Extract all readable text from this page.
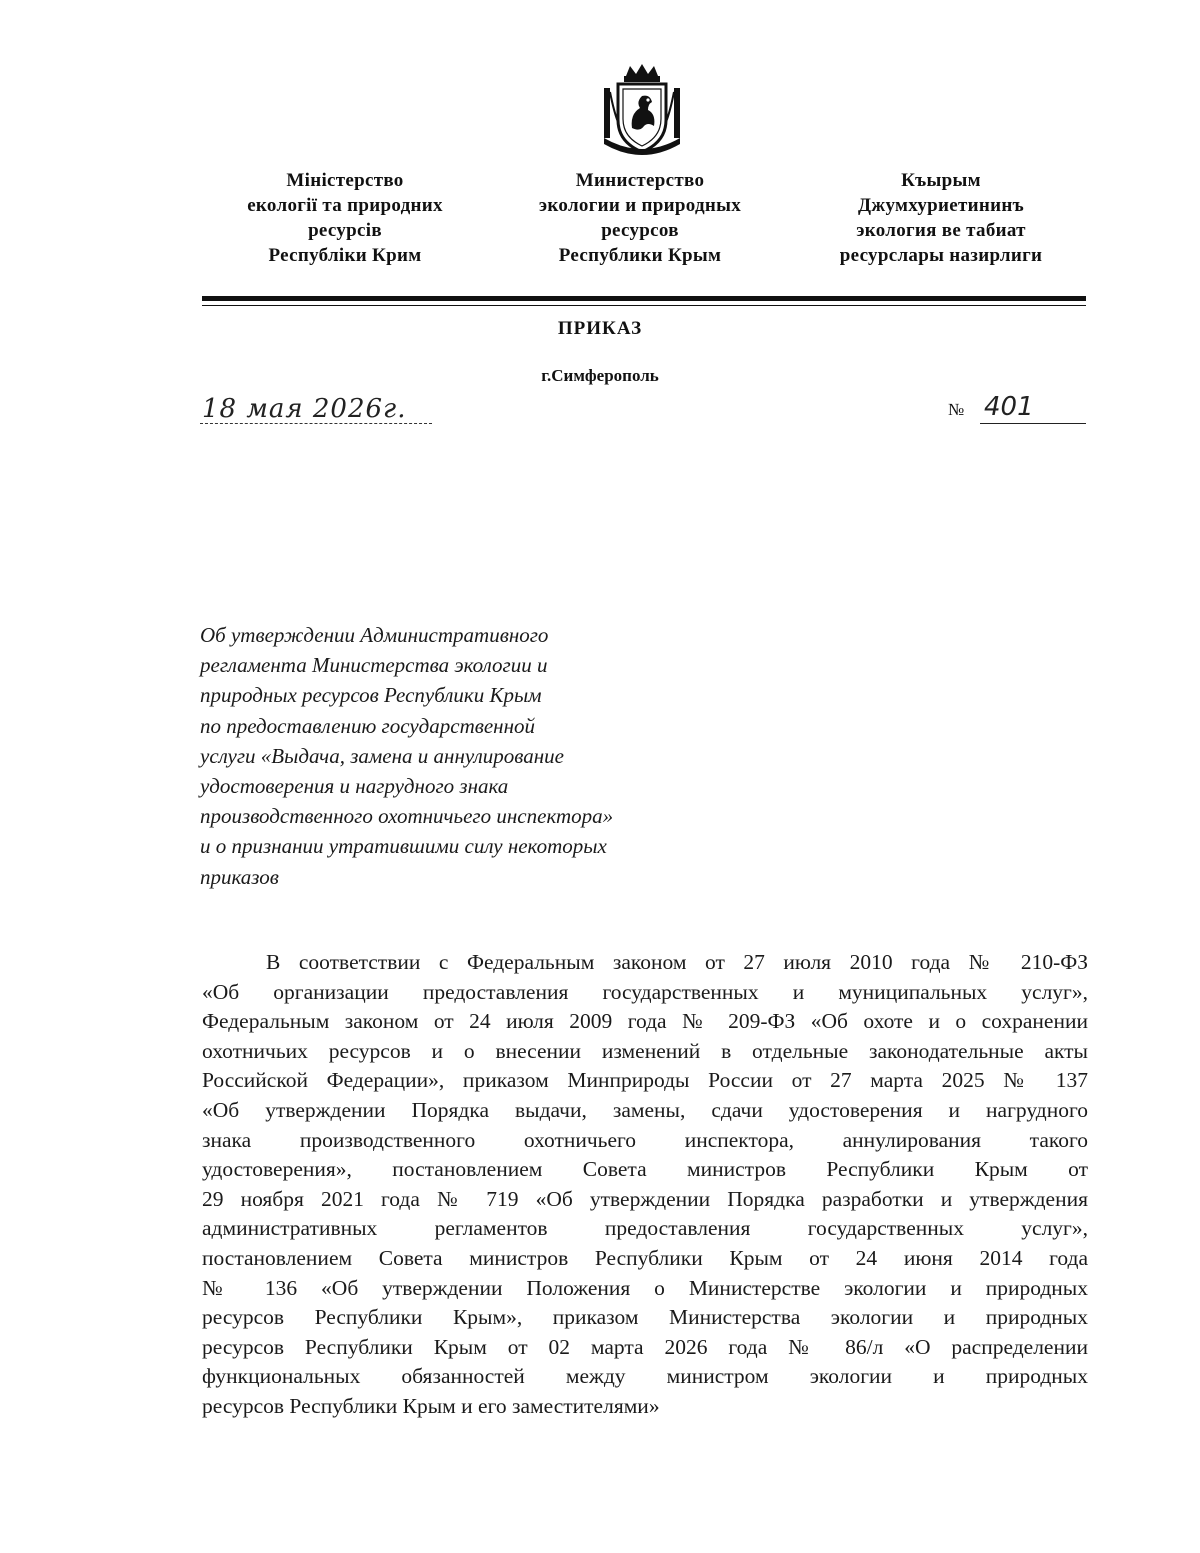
Міністерство
екології та природних
ресурсів
Республіки Крим
Министерство
экологии и природных
ресурсов
Республики Крым
Къырым
Джумхуриетининъ
экология ве табиат
ресурслары назирлиги
ПРИКАЗ
г.Симферополь
18 мая 2026г.	№ 401
Об утверждении Административного
регламента Министерства экологии и
природных ресурсов Республики Крым
по предоставлению государственной
услуги «Выдача, замена и аннулирование
удостоверения и нагрудного знака
производственного охотничьего инспектора»
и о признании утратившими силу некоторых
приказов
В соответствии с Федеральным законом от 27 июля 2010 года № 210-ФЗ
«Об организации предоставления государственных и муниципальных услуг»,
Федеральным законом от 24 июля 2009 года № 209-ФЗ «Об охоте и о сохранении
охотничьих ресурсов и о внесении изменений в отдельные законодательные акты
Российской Федерации», приказом Минприроды России от 27 марта 2025 № 137
«Об утверждении Порядка выдачи, замены, сдачи удостоверения и нагрудного
знака производственного охотничьего инспектора, аннулирования такого
удостоверения», постановлением Совета министров Республики Крым от
29 ноября 2021 года № 719 «Об утверждении Порядка разработки и утверждения
административных регламентов предоставления государственных услуг»,
постановлением Совета министров Республики Крым от 24 июня 2014 года
№ 136 «Об утверждении Положения о Министерстве экологии и природных
ресурсов Республики Крым», приказом Министерства экологии и природных
ресурсов Республики Крым от 02 марта 2026 года № 86/л «О распределении
функциональных обязанностей между министром экологии и природных
ресурсов Республики Крым и его заместителями»
